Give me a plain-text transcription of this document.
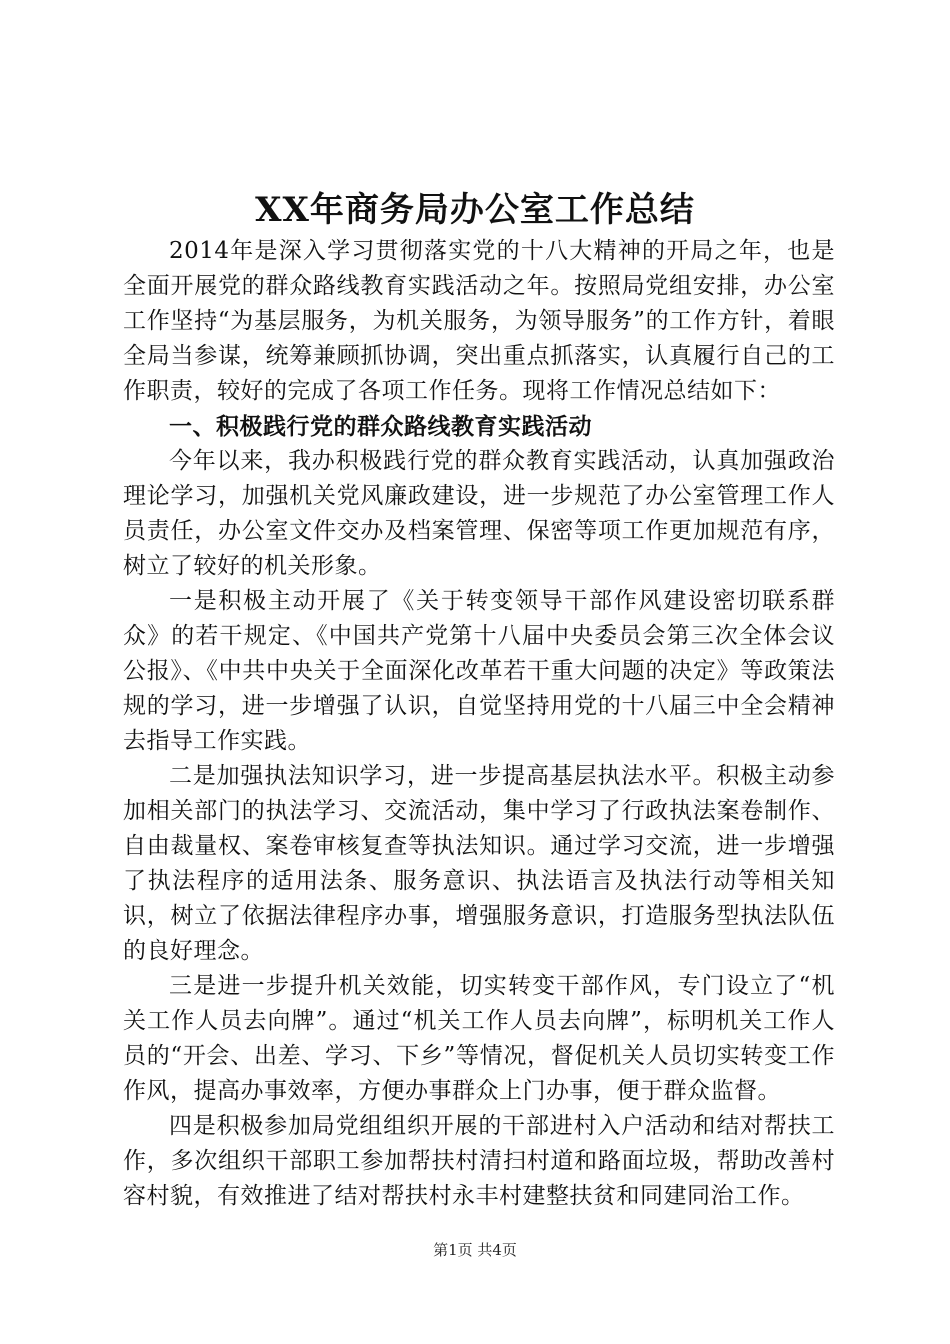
XX年商务局办公室工作总结

2014年是深入学习贯彻落实党的十八大精神的开局之年，也是全面开展党的群众路线教育实践活动之年。按照局党组安排，办公室工作坚持“为基层服务，为机关服务，为领导服务”的工作方针，着眼全局当参谋，统筹兼顾抓协调，突出重点抓落实，认真履行自己的工作职责，较好的完成了各项工作任务。现将工作情况总结如下：

一、积极践行党的群众路线教育实践活动

今年以来，我办积极践行党的群众教育实践活动，认真加强政治理论学习，加强机关党风廉政建设，进一步规范了办公室管理工作人员责任，办公室文件交办及档案管理、保密等项工作更加规范有序，树立了较好的机关形象。

一是积极主动开展了《关于转变领导干部作风建设密切联系群众》的若干规定、《中国共产党第十八届中央委员会第三次全体会议公报》、《中共中央关于全面深化改革若干重大问题的决定》等政策法规的学习，进一步增强了认识，自觉坚持用党的十八届三中全会精神去指导工作实践。

二是加强执法知识学习，进一步提高基层执法水平。积极主动参加相关部门的执法学习、交流活动，集中学习了行政执法案卷制作、自由裁量权、案卷审核复查等执法知识。通过学习交流，进一步增强了执法程序的适用法条、服务意识、执法语言及执法行动等相关知识，树立了依据法律程序办事，增强服务意识，打造服务型执法队伍的良好理念。

三是进一步提升机关效能，切实转变干部作风，专门设立了“机关工作人员去向牌”。通过“机关工作人员去向牌”，标明机关工作人员的“开会、出差、学习、下乡”等情况，督促机关人员切实转变工作作风，提高办事效率，方便办事群众上门办事，便于群众监督。

四是积极参加局党组组织开展的干部进村入户活动和结对帮扶工作，多次组织干部职工参加帮扶村清扫村道和路面垃圾，帮助改善村容村貌，有效推进了结对帮扶村永丰村建整扶贫和同建同治工作。

第1页 共4页
